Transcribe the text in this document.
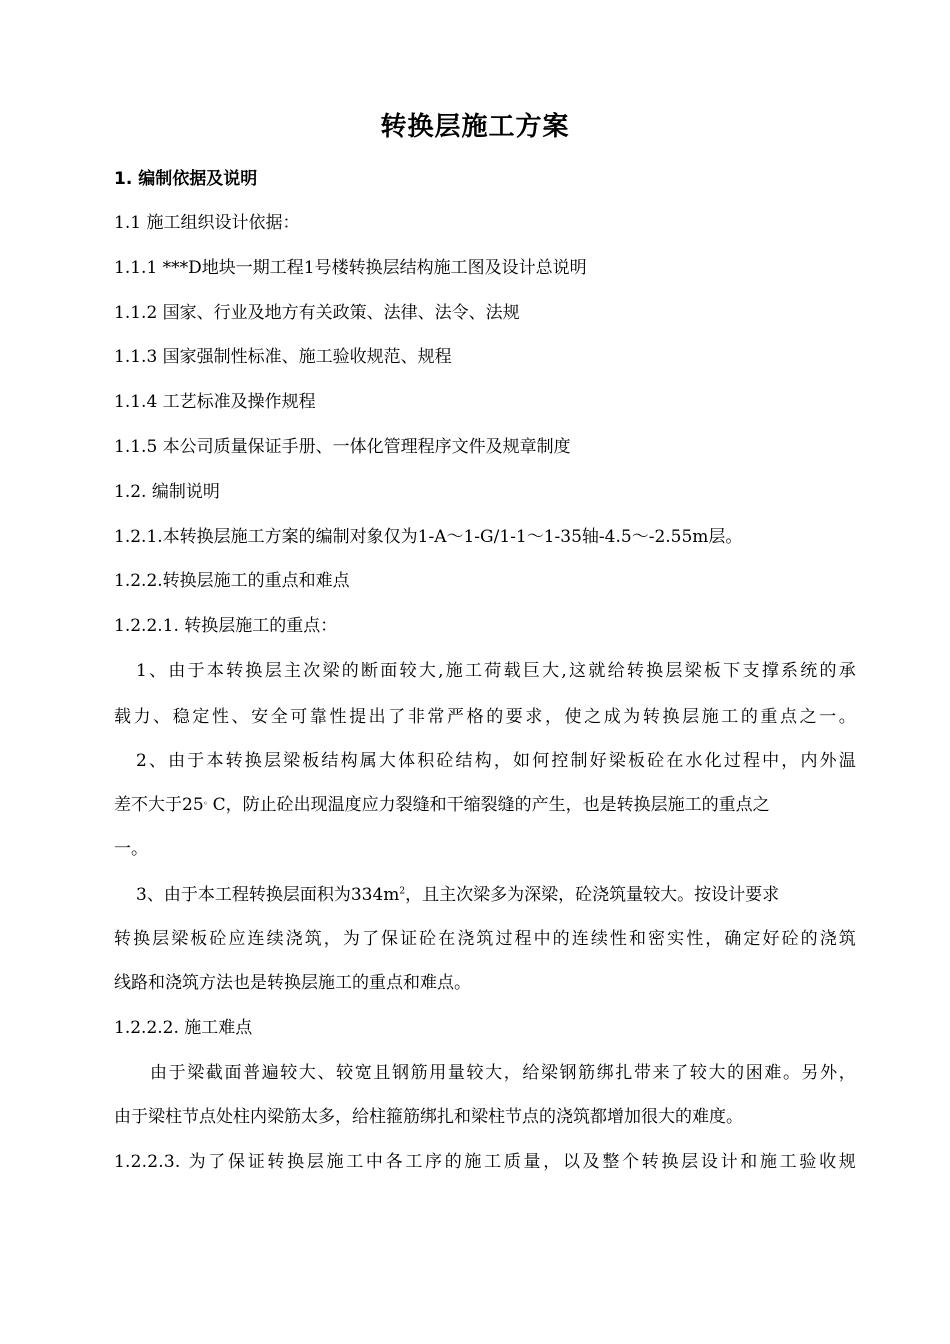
转换层施工方案
1. 编制依据及说明
1.1 施工组织设计依据：
1.1.1 ***D地块一期工程1号楼转换层结构施工图及设计总说明
1.1.2 国家、行业及地方有关政策、法律、法令、法规
1.1.3 国家强制性标准、施工验收规范、规程
1.1.4 工艺标准及操作规程
1.1.5 本公司质量保证手册、一体化管理程序文件及规章制度
1.2. 编制说明
1.2.1.本转换层施工方案的编制对象仅为1-A～1-G/1-1～1-35轴-4.5～-2.55m层。
1.2.2.转换层施工的重点和难点
1.2.2.1. 转换层施工的重点：
1、由于本转换层主次梁的断面较大,施工荷载巨大,这就给转换层梁板下支撑系统的承
载力、稳定性、安全可靠性提出了非常严格的要求，使之成为转换层施工的重点之一。
2、由于本转换层梁板结构属大体积砼结构，如何控制好梁板砼在水化过程中，内外温
差不大于25。C，防止砼出现温度应力裂缝和干缩裂缝的产生，也是转换层施工的重点之
一。
3、由于本工程转换层面积为$334m^2$，且主次梁多为深梁，砼浇筑量较大。按设计要求
转换层梁板砼应连续浇筑，为了保证砼在浇筑过程中的连续性和密实性，确定好砼的浇筑
线路和浇筑方法也是转换层施工的重点和难点。
1.2.2.2. 施工难点
由于梁截面普遍较大、较宽且钢筋用量较大，给梁钢筋绑扎带来了较大的困难。另外，
由于梁柱节点处柱内梁筋太多，给柱箍筋绑扎和梁柱节点的浇筑都增加很大的难度。
1.2.2.3. 为了保证转换层施工中各工序的施工质量，以及整个转换层设计和施工验收规
